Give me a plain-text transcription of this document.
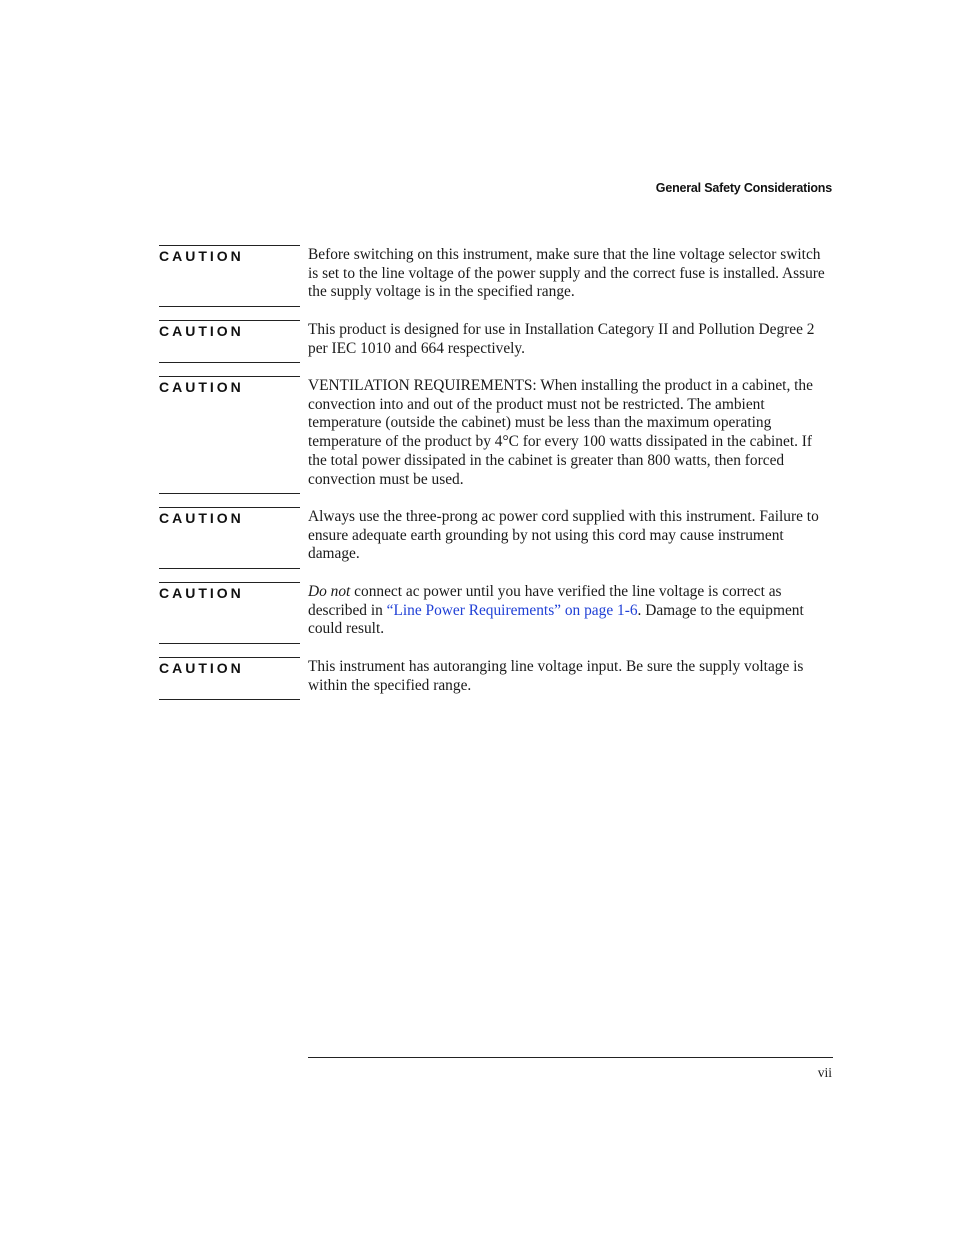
General Safety Considerations
CAUTION	Before switching on this instrument, make sure that the line voltage selector switch is set to the line voltage of the power supply and the correct fuse is installed. Assure the supply voltage is in the specified range.
CAUTION	This product is designed for use in Installation Category II and Pollution Degree 2 per IEC 1010 and 664 respectively.
CAUTION	VENTILATION REQUIREMENTS: When installing the product in a cabinet, the convection into and out of the product must not be restricted. The ambient temperature (outside the cabinet) must be less than the maximum operating temperature of the product by 4°C for every 100 watts dissipated in the cabinet. If the total power dissipated in the cabinet is greater than 800 watts, then forced convection must be used.
CAUTION	Always use the three-prong ac power cord supplied with this instrument. Failure to ensure adequate earth grounding by not using this cord may cause instrument damage.
CAUTION	Do not connect ac power until you have verified the line voltage is correct as described in “Line Power Requirements” on page 1-6. Damage to the equipment could result.
CAUTION	This instrument has autoranging line voltage input. Be sure the supply voltage is within the specified range.
vii
